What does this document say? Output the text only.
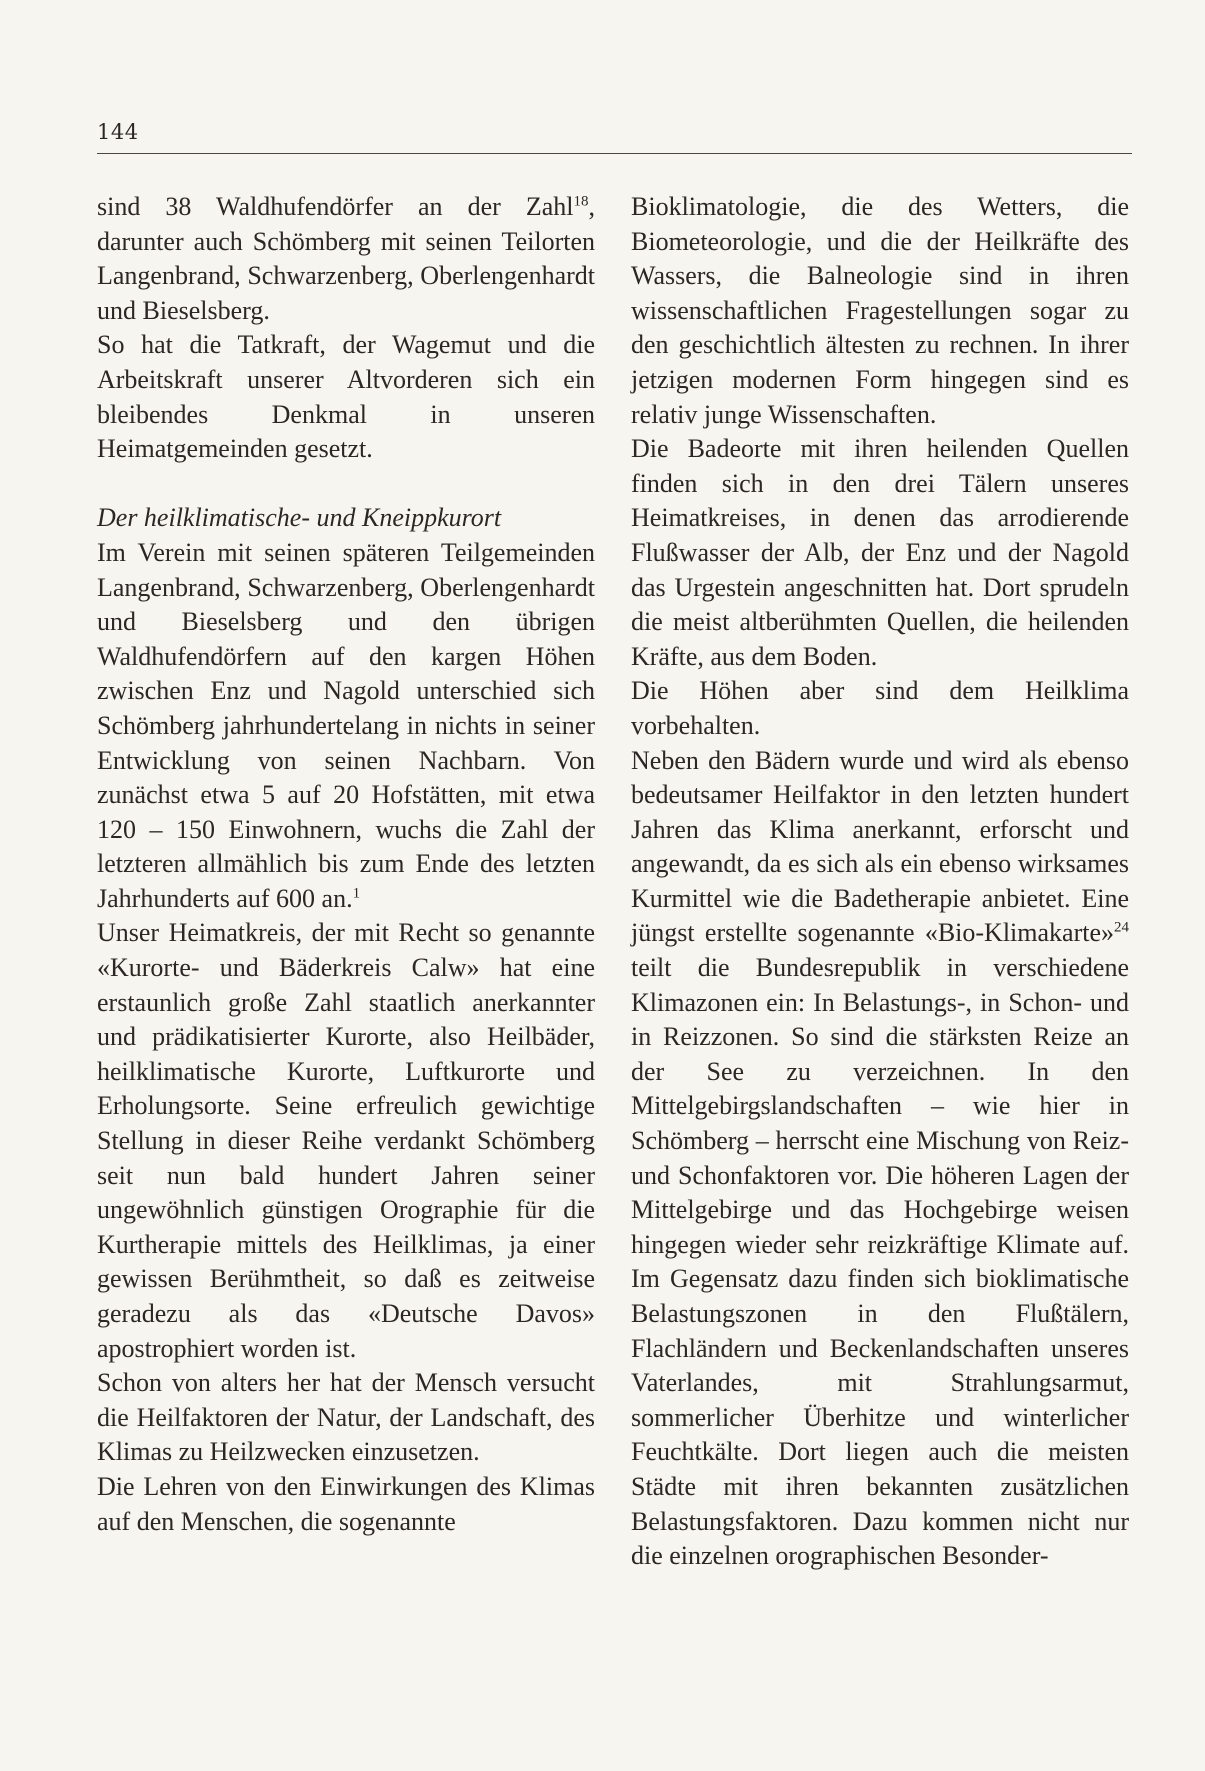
144

sind 38 Waldhufendörfer an der Zahl$^{18}$, darunter auch Schömberg mit seinen Teilorten Langenbrand, Schwarzenberg, Oberlengenhardt und Bieselsberg.

So hat die Tatkraft, der Wagemut und die Arbeitskraft unserer Altvorderen sich ein bleibendes Denkmal in unseren Heimatgemeinden gesetzt.

Der heilklimatische- und Kneippkurort

Im Verein mit seinen späteren Teilgemeinden Langenbrand, Schwarzenberg, Oberlengenhardt und Bieselsberg und den übrigen Waldhufendörfern auf den kargen Höhen zwischen Enz und Nagold unterschied sich Schömberg jahrhundertelang in nichts in seiner Entwicklung von seinen Nachbarn. Von zunächst etwa 5 auf 20 Hofstätten, mit etwa 120 – 150 Einwohnern, wuchs die Zahl der letzteren allmählich bis zum Ende des letzten Jahrhunderts auf 600 an.$^1$

Unser Heimatkreis, der mit Recht so genannte «Kurorte- und Bäderkreis Calw» hat eine erstaunlich große Zahl staatlich anerkannter und prädikatisierter Kurorte, also Heilbäder, heilklimatische Kurorte, Luftkurorte und Erholungsorte. Seine erfreulich gewichtige Stellung in dieser Reihe verdankt Schömberg seit nun bald hundert Jahren seiner ungewöhnlich günstigen Orographie für die Kurtherapie mittels des Heilklimas, ja einer gewissen Berühmtheit, so daß es zeitweise geradezu als das «Deutsche Davos» apostrophiert worden ist.

Schon von alters her hat der Mensch versucht die Heilfaktoren der Natur, der Landschaft, des Klimas zu Heilzwecken einzusetzen.

Die Lehren von den Einwirkungen des Klimas auf den Menschen, die sogenannte

Bioklimatologie, die des Wetters, die Biometeorologie, und die der Heilkräfte des Wassers, die Balneologie sind in ihren wissenschaftlichen Fragestellungen sogar zu den geschichtlich ältesten zu rechnen. In ihrer jetzigen modernen Form hingegen sind es relativ junge Wissenschaften.

Die Badeorte mit ihren heilenden Quellen finden sich in den drei Tälern unseres Heimatkreises, in denen das arrodierende Flußwasser der Alb, der Enz und der Nagold das Urgestein angeschnitten hat. Dort sprudeln die meist altberühmten Quellen, die heilenden Kräfte, aus dem Boden.

Die Höhen aber sind dem Heilklima vorbehalten.

Neben den Bädern wurde und wird als ebenso bedeutsamer Heilfaktor in den letzten hundert Jahren das Klima anerkannt, erforscht und angewandt, da es sich als ein ebenso wirksames Kurmittel wie die Badetherapie anbietet. Eine jüngst erstellte sogenannte «Bio-Klimakarte»$^{24}$ teilt die Bundesrepublik in verschiedene Klimazonen ein: In Belastungs-, in Schon- und in Reizzonen. So sind die stärksten Reize an der See zu verzeichnen. In den Mittelgebirgslandschaften – wie hier in Schömberg – herrscht eine Mischung von Reiz- und Schonfaktoren vor. Die höheren Lagen der Mittelgebirge und das Hochgebirge weisen hingegen wieder sehr reizkräftige Klimate auf. Im Gegensatz dazu finden sich bioklimatische Belastungszonen in den Flußtälern, Flachländern und Beckenlandschaften unseres Vaterlandes, mit Strahlungsarmut, sommerlicher Überhitze und winterlicher Feuchtkälte. Dort liegen auch die meisten Städte mit ihren bekannten zusätzlichen Belastungsfaktoren. Dazu kommen nicht nur die einzelnen orographischen Besonder-
